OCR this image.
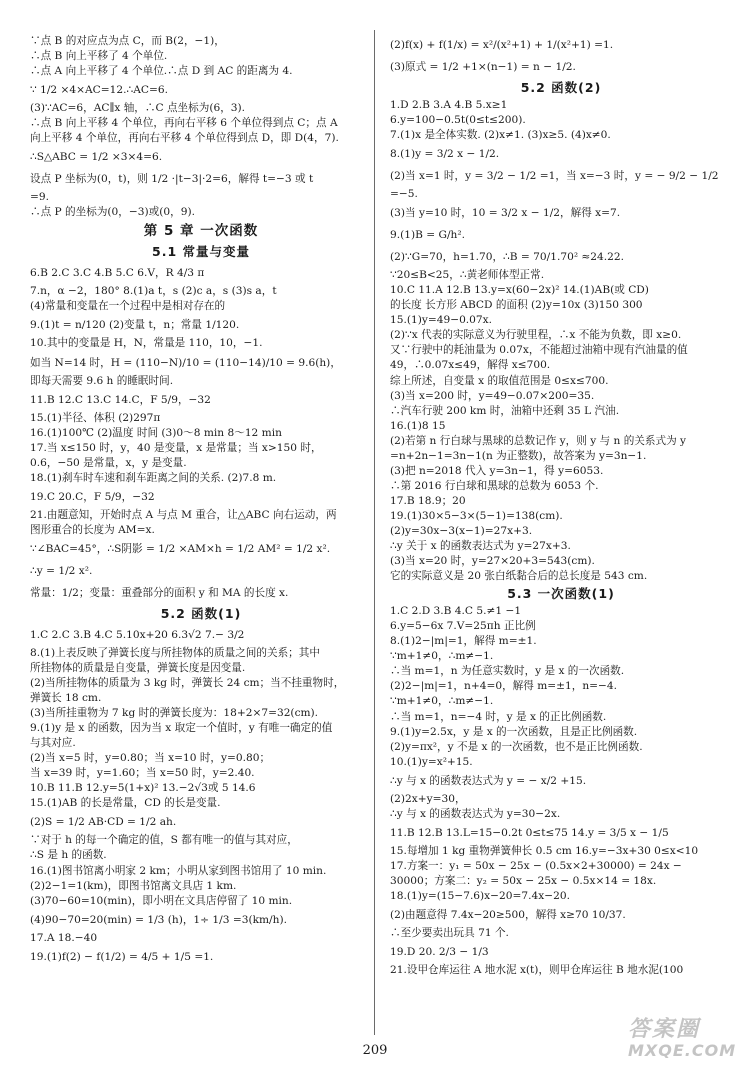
∵点 B 的对应点为点 C，而 B(2，−1)，
∴点 B 向上平移了 4 个单位.
∴点 A 向上平移了 4 个单位.∴点 D 到 AC 的距离为 4.
∵ 1/2 ×4×AC=12.∴AC=6.
(3)∵AC=6，AC∥x 轴，∴C 点坐标为(6，3).
∴点 B 向上平移 4 个单位，再向右平移 6 个单位得到点 C；点 A
向上平移 4 个单位，再向右平移 4 个单位得到点 D，即 D(4，7).
∴S△ABC = 1/2 ×3×4=6.
设点 P 坐标为(0，t)，则 1/2 ·|t−3|·2=6，解得 t=−3 或 t
=9.
∴点 P 的坐标为(0，−3)或(0，9).
第 5 章 一次函数
5.1 常量与变量
6.B 2.C 3.C 4.B 5.C 6.V，R 4/3 π
7.n，α −2，180° 8.(1)a t，s (2)c a，s (3)s a，t
(4)常量和变量在一个过程中是相对存在的
9.(1)t = n/120 (2)变量 t，n；常量 1/120.
10.其中的变量是 H，N，常量是 110，10，−1.
如当 N=14 时，H = (110−N)/10 = (110−14)/10 = 9.6(h)，
即每天需要 9.6 h 的睡眠时间.
11.B 12.C 13.C 14.C，F 5/9，−32
15.(1)半径、体积 (2)297π
16.(1)100℃ (2)温度 时间 (3)0～8 min 8～12 min
17.当 x≤150 时，y，40 是变量，x 是常量；当 x>150 时，
0.6，−50 是常量，x，y 是变量.
18.(1)刹车时车速和刹车距离之间的关系. (2)7.8 m.
19.C 20.C，F 5/9，−32
21.由题意知，开始时点 A 与点 M 重合，让△ABC 向右运动，两
图形重合的长度为 AM=x.
∵∠BAC=45°，∴S阴影 = 1/2 ×AM×h = 1/2 AM² = 1/2 x².
∴y = 1/2 x².
常量：1/2；变量：重叠部分的面积 y 和 MA 的长度 x.
5.2 函数(1)
1.C 2.C 3.B 4.C 5.10x+20 6.3√2 7.− 3/2
8.(1)上表反映了弹簧长度与所挂物体的质量之间的关系；其中
所挂物体的质量是自变量，弹簧长度是因变量.
(2)当所挂物体的质量为 3 kg 时，弹簧长 24 cm；当不挂重物时，
弹簧长 18 cm.
(3)当所挂重物为 7 kg 时的弹簧长度为：18+2×7=32(cm).
9.(1)y 是 x 的函数，因为当 x 取定一个值时，y 有唯一确定的值
与其对应.
(2)当 x=5 时，y=0.80；当 x=10 时，y=0.80；
当 x=39 时，y=1.60；当 x=50 时，y=2.40.
10.B 11.B 12.y=5(1+x)² 13.−2√3或 5 14.6
15.(1)AB 的长是常量，CD 的长是变量.
(2)S = 1/2 AB·CD = 1/2 ah.
∵对于 h 的每一个确定的值，S 都有唯一的值与其对应，
∴S 是 h 的函数.
16.(1)图书馆离小明家 2 km；小明从家到图书馆用了 10 min.
(2)2−1=1(km)，即图书馆离文具店 1 km.
(3)70−60=10(min)，即小明在文具店停留了 10 min.
(4)90−70=20(min) = 1/3 (h)，1÷ 1/3 =3(km/h).
17.A 18.−40
19.(1)f(2) − f(1/2) = 4/5 + 1/5 =1.
(2)f(x) + f(1/x) = x²/(x²+1) + 1/(x²+1) =1.
(3)原式 = 1/2 +1×(n−1) = n − 1/2.
5.2 函数(2)
1.D 2.B 3.A 4.B 5.x≥1
6.y=100−0.5t(0≤t≤200).
7.(1)x 是全体实数. (2)x≠1. (3)x≥5. (4)x≠0.
8.(1)y = 3/2 x − 1/2.
(2)当 x=1 时，y = 3/2 − 1/2 =1，当 x=−3 时，y = − 9/2 − 1/2
=−5.
(3)当 y=10 时，10 = 3/2 x − 1/2，解得 x=7.
9.(1)B = G/h².
(2)∵G=70，h=1.70，∴B = 70/1.70² ≈24.22.
∵20≤B<25，∴黄老师体型正常.
10.C 11.A 12.B 13.y=x(60−2x)² 14.(1)AB(或 CD)
的长度 长方形 ABCD 的面积 (2)y=10x (3)150 300
15.(1)y=49−0.07x.
(2)∵x 代表的实际意义为行驶里程，∴x 不能为负数，即 x≥0.
又∵行驶中的耗油量为 0.07x，不能超过油箱中现有汽油量的值
49，∴0.07x≤49，解得 x≤700.
综上所述，自变量 x 的取值范围是 0≤x≤700.
(3)当 x=200 时，y=49−0.07×200=35.
∴汽车行驶 200 km 时，油箱中还剩 35 L 汽油.
16.(1)8 15
(2)若第 n 行白球与黑球的总数记作 y，则 y 与 n 的关系式为 y
=n+2n−1=3n−1(n 为正整数)，故答案为 y=3n−1.
(3)把 n=2018 代入 y=3n−1，得 y=6053.
∴第 2016 行白球和黑球的总数为 6053 个.
17.B 18.9；20
19.(1)30×5−3×(5−1)=138(cm).
(2)y=30x−3(x−1)=27x+3.
∴y 关于 x 的函数表达式为 y=27x+3.
(3)当 x=20 时，y=27×20+3=543(cm).
它的实际意义是 20 张白纸黏合后的总长度是 543 cm.
5.3 一次函数(1)
1.C 2.D 3.B 4.C 5.≠1 −1
6.y=5−6x 7.V=25πh 正比例
8.(1)2−|m|=1，解得 m=±1.
∵m+1≠0，∴m≠−1.
∴当 m=1，n 为任意实数时，y 是 x 的一次函数.
(2)2−|m|=1，n+4=0，解得 m=±1，n=−4.
∵m+1≠0，∴m≠−1.
∴当 m=1，n=−4 时，y 是 x 的正比例函数.
9.(1)y=2.5x，y 是 x 的一次函数，且是正比例函数.
(2)y=πx²，y 不是 x 的一次函数，也不是正比例函数.
10.(1)y=x²+15.
∴y 与 x 的函数表达式为 y = − x/2 +15.
(2)2x+y=30，
∴y 与 x 的函数表达式为 y=30−2x.
11.B 12.B 13.L=15−0.2t 0≤t≤75 14.y = 3/5 x − 1/5
15.每增加 1 kg 重物弹簧伸长 0.5 cm 16.y=−3x+30 0≤x<10
17.方案一：y₁ = 50x − 25x − (0.5x×2+30000) = 24x −
30000；方案二：y₂ = 50x − 25x − 0.5x×14 = 18x.
18.(1)y=(15−7.6)x−20=7.4x−20.
(2)由题意得 7.4x−20≥500，解得 x≥70 10/37.
∴至少要卖出玩具 71 个.
19.D 20. 2/3 − 1/3
21.设甲仓库运往 A 地水泥 x(t)，则甲仓库运往 B 地水泥(100
209
答案圈
MXQE.COM
